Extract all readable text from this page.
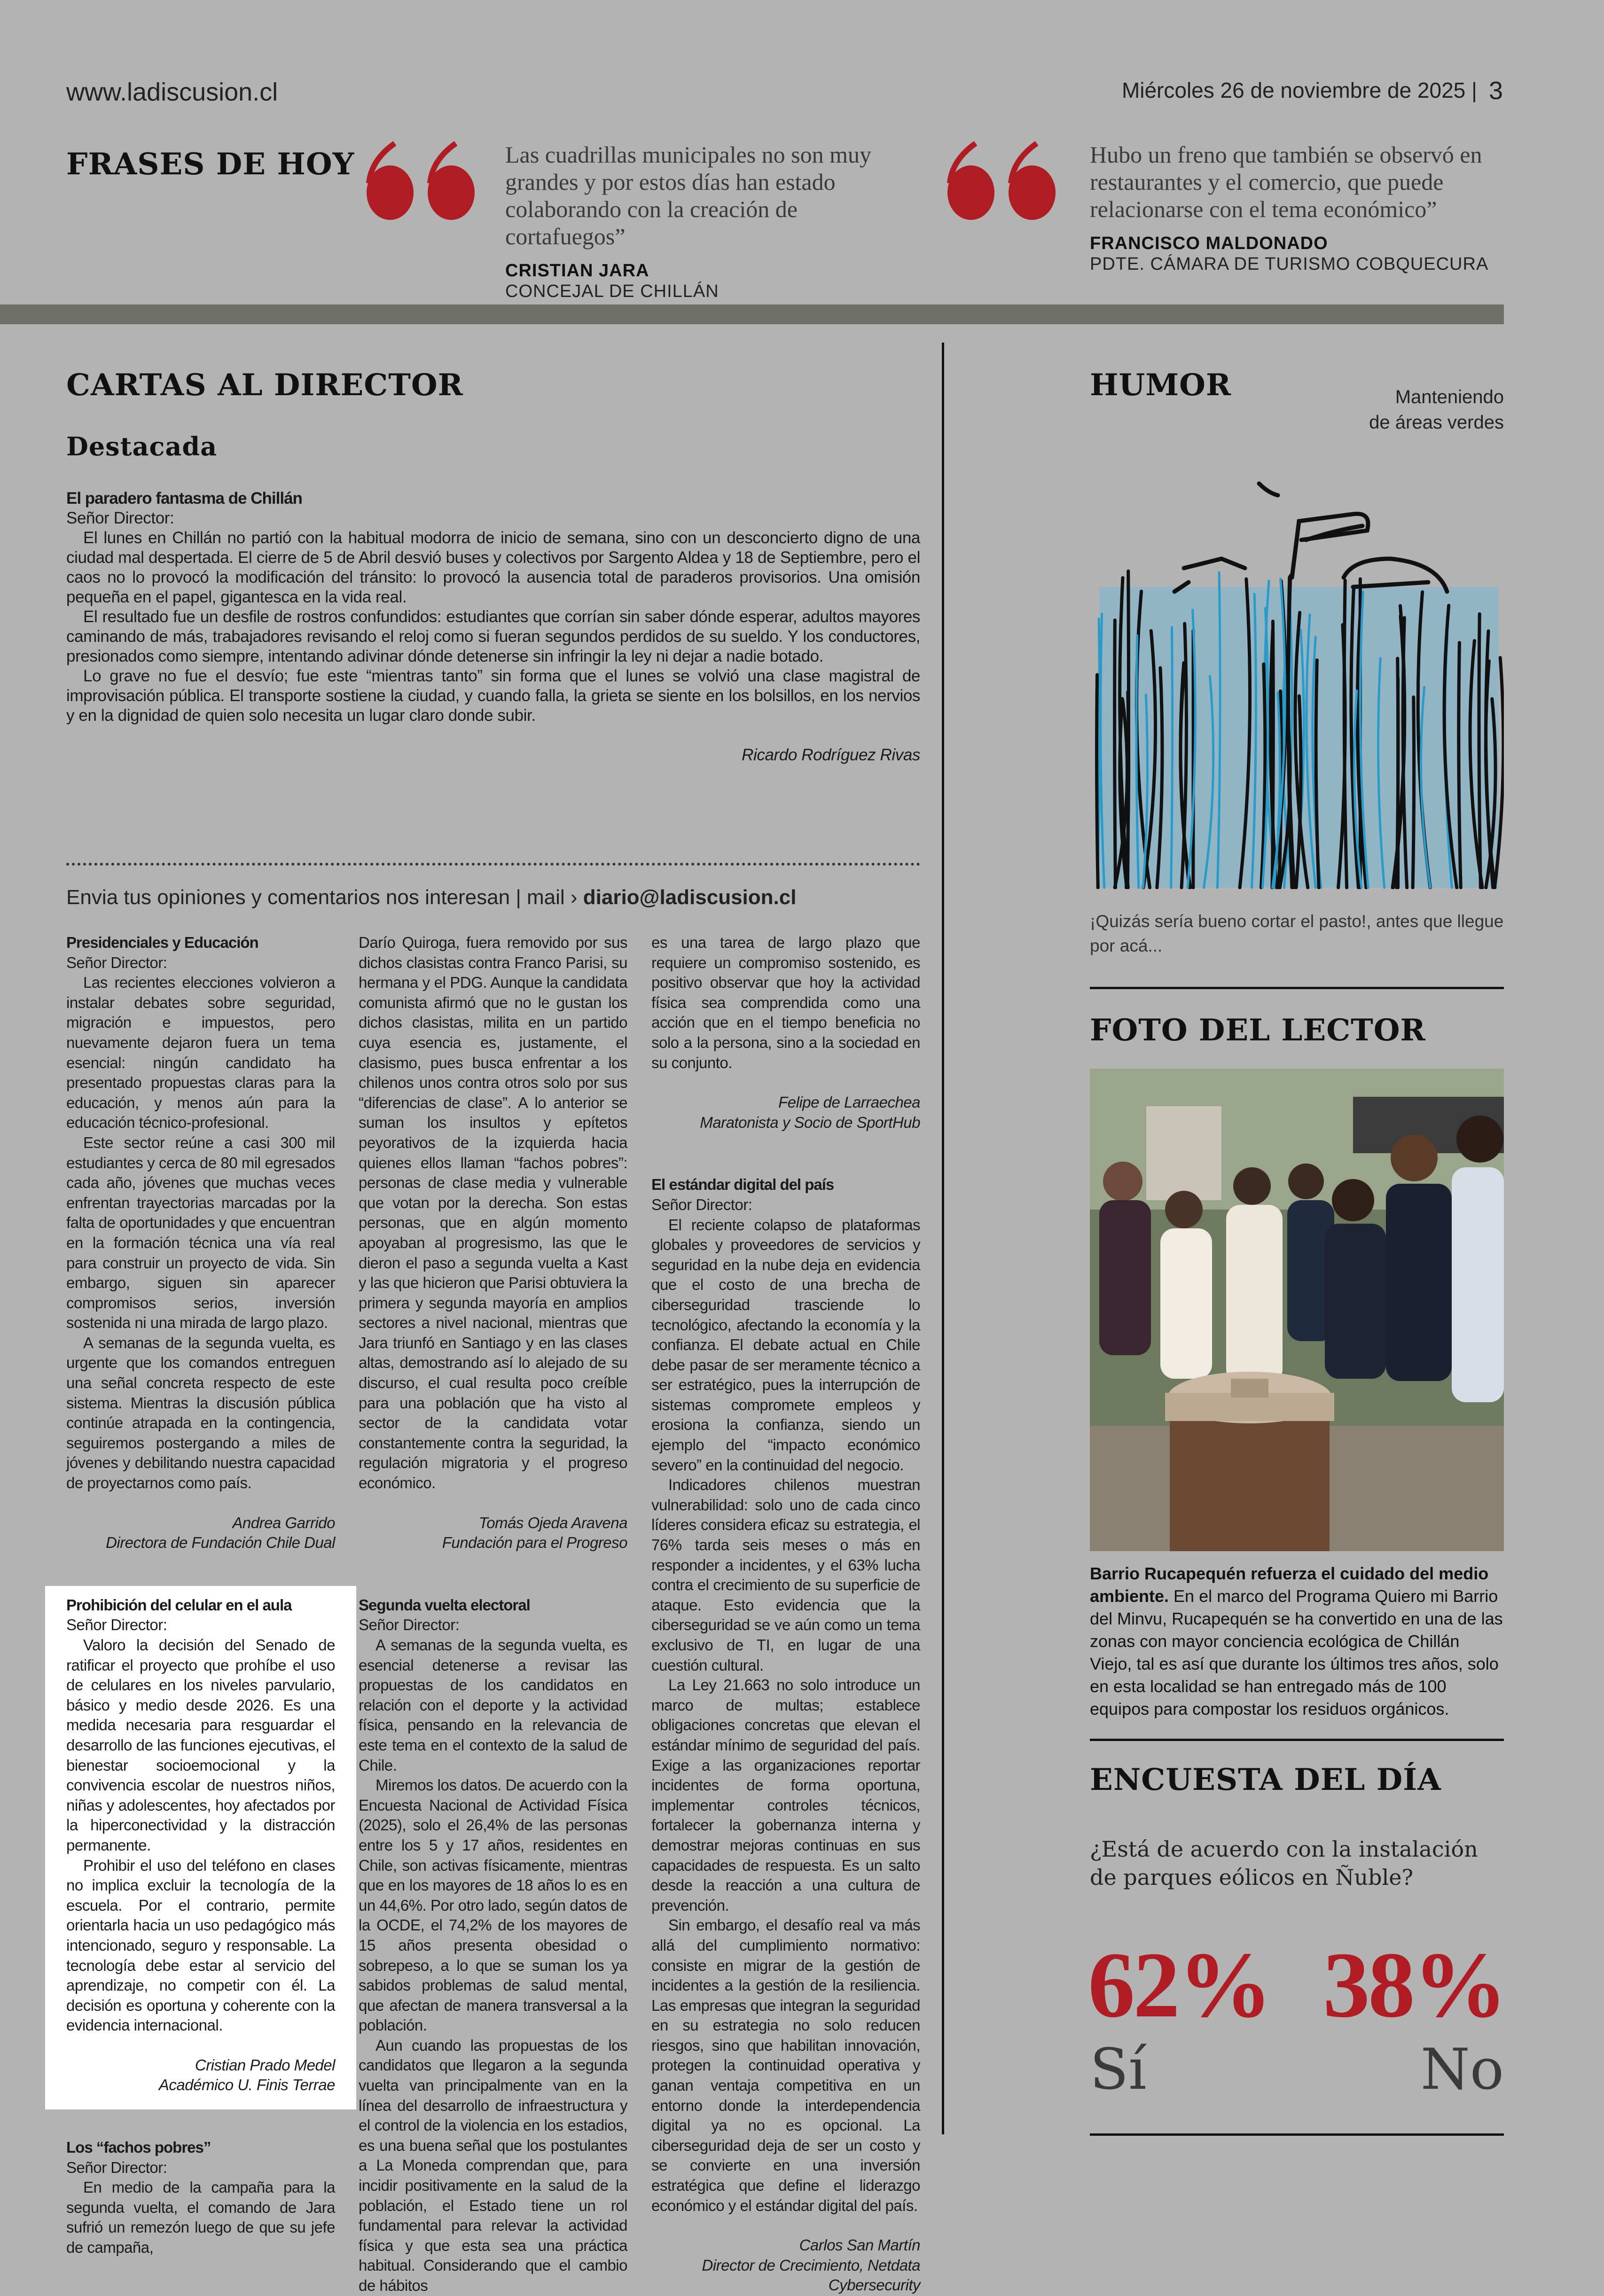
www.ladiscusion.cl	Miércoles 26 de noviembre de 2025 | 3
FRASES DE HOY	Las cuadrillas municipales no son muy grandes y por estos días han estado colaborando con la creación de cortafuegos”
CRISTIAN JARA
CONCEJAL DE CHILLÁN
Hubo un freno que también se observó en restaurantes y el comercio, que puede relacionarse con el tema económico”
FRANCISCO MALDONADO
PDTE. CÁMARA DE TURISMO COBQUECURA
CARTAS AL DIRECTOR
Destacada
El paradero fantasma de Chillán
Señor Director:

El lunes en Chillán no partió con la habitual modorra de inicio de semana, sino con un desconcierto digno de una ciudad mal despertada. El cierre de 5 de Abril desvió buses y colectivos por Sargento Aldea y 18 de Septiembre, pero el caos no lo provocó la modificación del tránsito: lo provocó la ausencia total de paraderos provisorios. Una omisión pequeña en el papel, gigantesca en la vida real.

El resultado fue un desfile de rostros confundidos: estudiantes que corrían sin saber dónde esperar, adultos mayores caminando de más, trabajadores revisando el reloj como si fueran segundos perdidos de su sueldo. Y los conductores, presionados como siempre, intentando adivinar dónde detenerse sin infringir la ley ni dejar a nadie botado.

Lo grave no fue el desvío; fue este “mientras tanto” sin forma que el lunes se volvió una clase magistral de improvisación pública. El transporte sostiene la ciudad, y cuando falla, la grieta se siente en los bolsillos, en los nervios y en la dignidad de quien solo necesita un lugar claro donde subir.

Ricardo Rodríguez Rivas
Envia tus opiniones y comentarios nos interesan | mail › diario@ladiscusion.cl
Presidenciales y Educación
Señor Director:

Las recientes elecciones volvieron a instalar debates sobre seguridad, migración e impuestos, pero nuevamente dejaron fuera un tema esencial: ningún candidato ha presentado propuestas claras para la educación, y menos aún para la educación técnico-profesional.

Este sector reúne a casi 300 mil estudiantes y cerca de 80 mil egresados cada año, jóvenes que muchas veces enfrentan trayectorias marcadas por la falta de oportunidades y que encuentran en la formación técnica una vía real para construir un proyecto de vida. Sin embargo, siguen sin aparecer compromisos serios, inversión sostenida ni una mirada de largo plazo.

A semanas de la segunda vuelta, es urgente que los comandos entreguen una señal concreta respecto de este sistema. Mientras la discusión pública continúe atrapada en la contingencia, seguiremos postergando a miles de jóvenes y debilitando nuestra capacidad de proyectarnos como país.

Andrea Garrido
Directora de Fundación Chile Dual
Prohibición del celular en el aula
Señor Director:

Valoro la decisión del Senado de ratificar el proyecto que prohíbe el uso de celulares en los niveles parvulario, básico y medio desde 2026. Es una medida necesaria para resguardar el desarrollo de las funciones ejecutivas, el bienestar socioemocional y la convivencia escolar de nuestros niños, niñas y adolescentes, hoy afectados por la hiperconectividad y la distracción permanente.

Prohibir el uso del teléfono en clases no implica excluir la tecnología de la escuela. Por el contrario, permite orientarla hacia un uso pedagógico más intencionado, seguro y responsable. La tecnología debe estar al servicio del aprendizaje, no competir con él. La decisión es oportuna y coherente con la evidencia internacional.

Cristian Prado Medel
Académico U. Finis Terrae
Los “fachos pobres”
Señor Director:

En medio de la campaña para la segunda vuelta, el comando de Jara sufrió un remezón luego de que su jefe de campaña,

Darío Quiroga, fuera removido por sus dichos clasistas contra Franco Parisi, su hermana y el PDG. Aunque la candidata comunista afirmó que no le gustan los dichos clasistas, milita en un partido cuya esencia es, justamente, el clasismo, pues busca enfrentar a los chilenos unos contra otros solo por sus “diferencias de clase”. A lo anterior se suman los insultos y epítetos peyorativos de la izquierda hacia quienes ellos llaman “fachos pobres”: personas de clase media y vulnerable que votan por la derecha. Son estas personas, que en algún momento apoyaban al progresismo, las que le dieron el paso a segunda vuelta a Kast y las que hicieron que Parisi obtuviera la primera y segunda mayoría en amplios sectores a nivel nacional, mientras que Jara triunfó en Santiago y en las clases altas, demostrando así lo alejado de su discurso, el cual resulta poco creíble para una población que ha visto al sector de la candidata votar constantemente contra la seguridad, la regulación migratoria y el progreso económico.

Tomás Ojeda Aravena
Fundación para el Progreso
Segunda vuelta electoral
Señor Director:

A semanas de la segunda vuelta, es esencial detenerse a revisar las propuestas de los candidatos en relación con el deporte y la actividad física, pensando en la relevancia de este tema en el contexto de la salud de Chile.

Miremos los datos. De acuerdo con la Encuesta Nacional de Actividad Física (2025), solo el 26,4% de las personas entre los 5 y 17 años, residentes en Chile, son activas físicamente, mientras que en los mayores de 18 años lo es en un 44,6%. Por otro lado, según datos de la OCDE, el 74,2% de los mayores de 15 años presenta obesidad o sobrepeso, a lo que se suman los ya sabidos problemas de salud mental, que afectan de manera transversal a la población.

Aun cuando las propuestas de los candidatos que llegaron a la segunda vuelta van principalmente van en la línea del desarrollo de infraestructura y el control de la violencia en los estadios, es una buena señal que los postulantes a La Moneda comprendan que, para incidir positivamente en la salud de la población, el Estado tiene un rol fundamental para relevar la actividad física y que esta sea una práctica habitual. Considerando que el cambio de hábitos

es una tarea de largo plazo que requiere un compromiso sostenido, es positivo observar que hoy la actividad física sea comprendida como una acción que en el tiempo beneficia no solo a la persona, sino a la sociedad en su conjunto.

Felipe de Larraechea
Maratonista y Socio de SportHub
El estándar digital del país
Señor Director:

El reciente colapso de plataformas globales y proveedores de servicios y seguridad en la nube deja en evidencia que el costo de una brecha de ciberseguridad trasciende lo tecnológico, afectando la economía y la confianza. El debate actual en Chile debe pasar de ser meramente técnico a ser estratégico, pues la interrupción de sistemas compromete empleos y erosiona la confianza, siendo un ejemplo del “impacto económico severo” en la continuidad del negocio.

Indicadores chilenos muestran vulnerabilidad: solo uno de cada cinco líderes considera eficaz su estrategia, el 76% tarda seis meses o más en responder a incidentes, y el 63% lucha contra el crecimiento de su superficie de ataque. Esto evidencia que la ciberseguridad se ve aún como un tema exclusivo de TI, en lugar de una cuestión cultural.

La Ley 21.663 no solo introduce un marco de multas; establece obligaciones concretas que elevan el estándar mínimo de seguridad del país. Exige a las organizaciones reportar incidentes de forma oportuna, implementar controles técnicos, fortalecer la gobernanza interna y demostrar mejoras continuas en sus capacidades de respuesta. Es un salto desde la reacción a una cultura de prevención.

Sin embargo, el desafío real va más allá del cumplimiento normativo: consiste en migrar de la gestión de incidentes a la gestión de la resiliencia. Las empresas que integran la seguridad en su estrategia no solo reducen riesgos, sino que habilitan innovación, protegen la continuidad operativa y ganan ventaja competitiva en un entorno donde la interdependencia digital ya no es opcional. La ciberseguridad deja de ser un costo y se convierte en una inversión estratégica que define el liderazgo económico y el estándar digital del país.

Carlos San Martín
Director de Crecimiento, Netdata
Cybersecurity
HUMOR	Manteniendo
de áreas verdes
¡Quizás sería bueno cortar el pasto!, antes que llegue por acá...
FOTO DEL LECTOR
Barrio Rucapequén refuerza el cuidado del medio ambiente. En el marco del Programa Quiero mi Barrio del Minvu, Rucapequén se ha convertido en una de las zonas con mayor conciencia ecológica de Chillán Viejo, tal es así que durante los últimos tres años, solo en esta localidad se han entregado más de 100 equipos para compostar los residuos orgánicos.
ENCUESTA DEL DÍA
¿Está de acuerdo con la instalación de parques eólicos en Ñuble?
62% 38%
Sí	No
